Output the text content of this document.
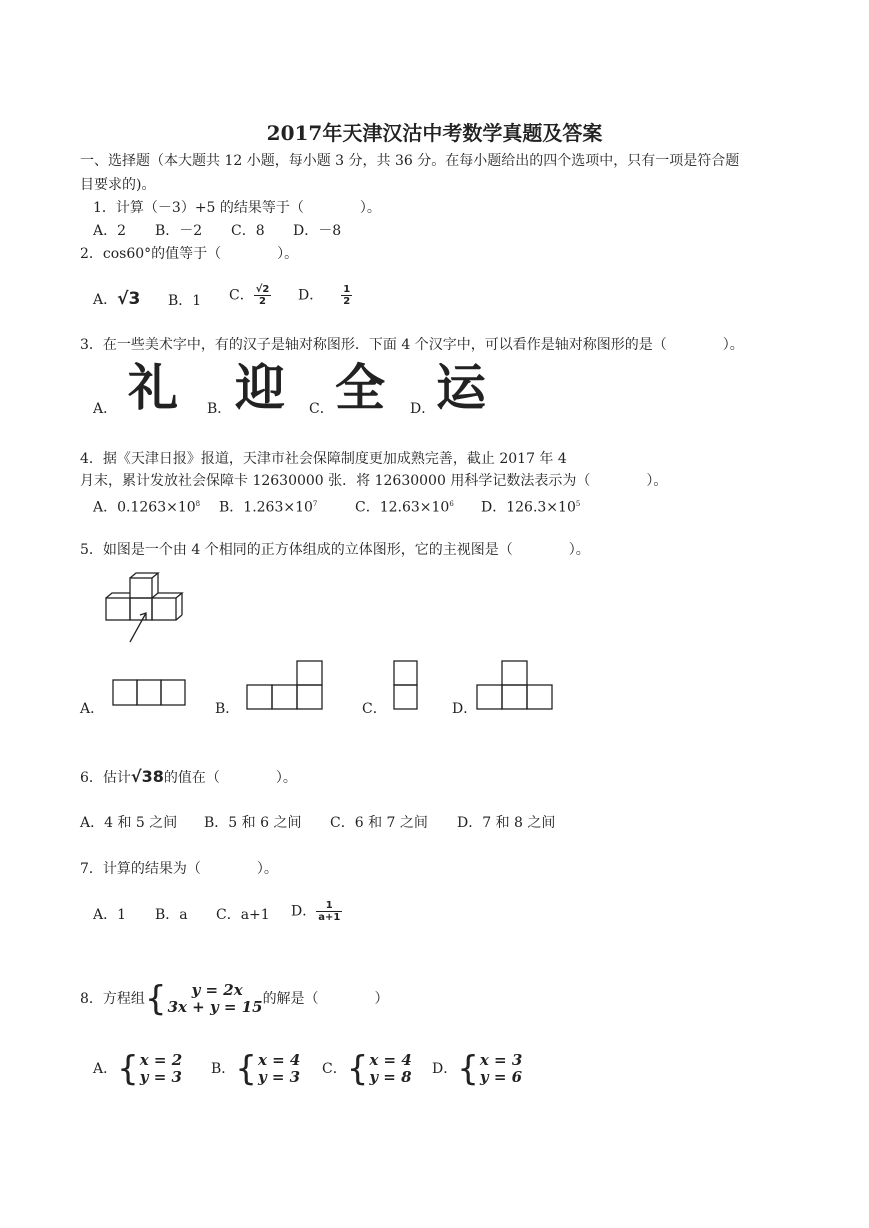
2017年天津汉沽中考数学真题及答案
一、选择题（本大题共 12 小题，每小题 3 分，共 36 分。在每小题给出的四个选项中，只有一项是符合题
目要求的)。
1．计算（－3）+5 的结果等于（　　　　）。
A．2 B．－2 C．8 D．－8
2．cos60°的值等于（　　　　）。
A．√3 B．1 C． $\frac{√2}{2}$ D． $\frac{1}{2}$
3．在一些美术字中，有的汉子是轴对称图形．下面 4 个汉字中，可以看作是轴对称图形的是（　　　　）。
A． 礼 B． 迎 C． 全 D． 运
4．据《天津日报》报道，天津市社会保障制度更加成熟完善，截止 2017 年 4
月末，累计发放社会保障卡 12630000 张．将 12630000 用科学记数法表示为（　　　　）。
A．$0.1263\times 10^8$ B．$1.263\times 10^7$	C．$12.63\times 10^6$ D．$126.3\times 10^5$
5．如图是一个由 4 个相同的正方体组成的立体图形，它的主视图是（　　　　）。
A．	B．	C．	D．
6．估计√38的值在（　　　　）。
A．4 和 5 之间 B．5 和 6 之间 C．6 和 7 之间 D．7 和 8 之间
7．计算的结果为（　　　　）。
A．1 B．a C．a+1 D． $\frac{1}{a+1}$
8．方程组 {	y = 2x
3x + y = 15 的解是（　　　　）
A． { x = 2
y = 3 B． { x = 4
y = 3 C． { x = 4
y = 8 D． { x = 3
y = 6
